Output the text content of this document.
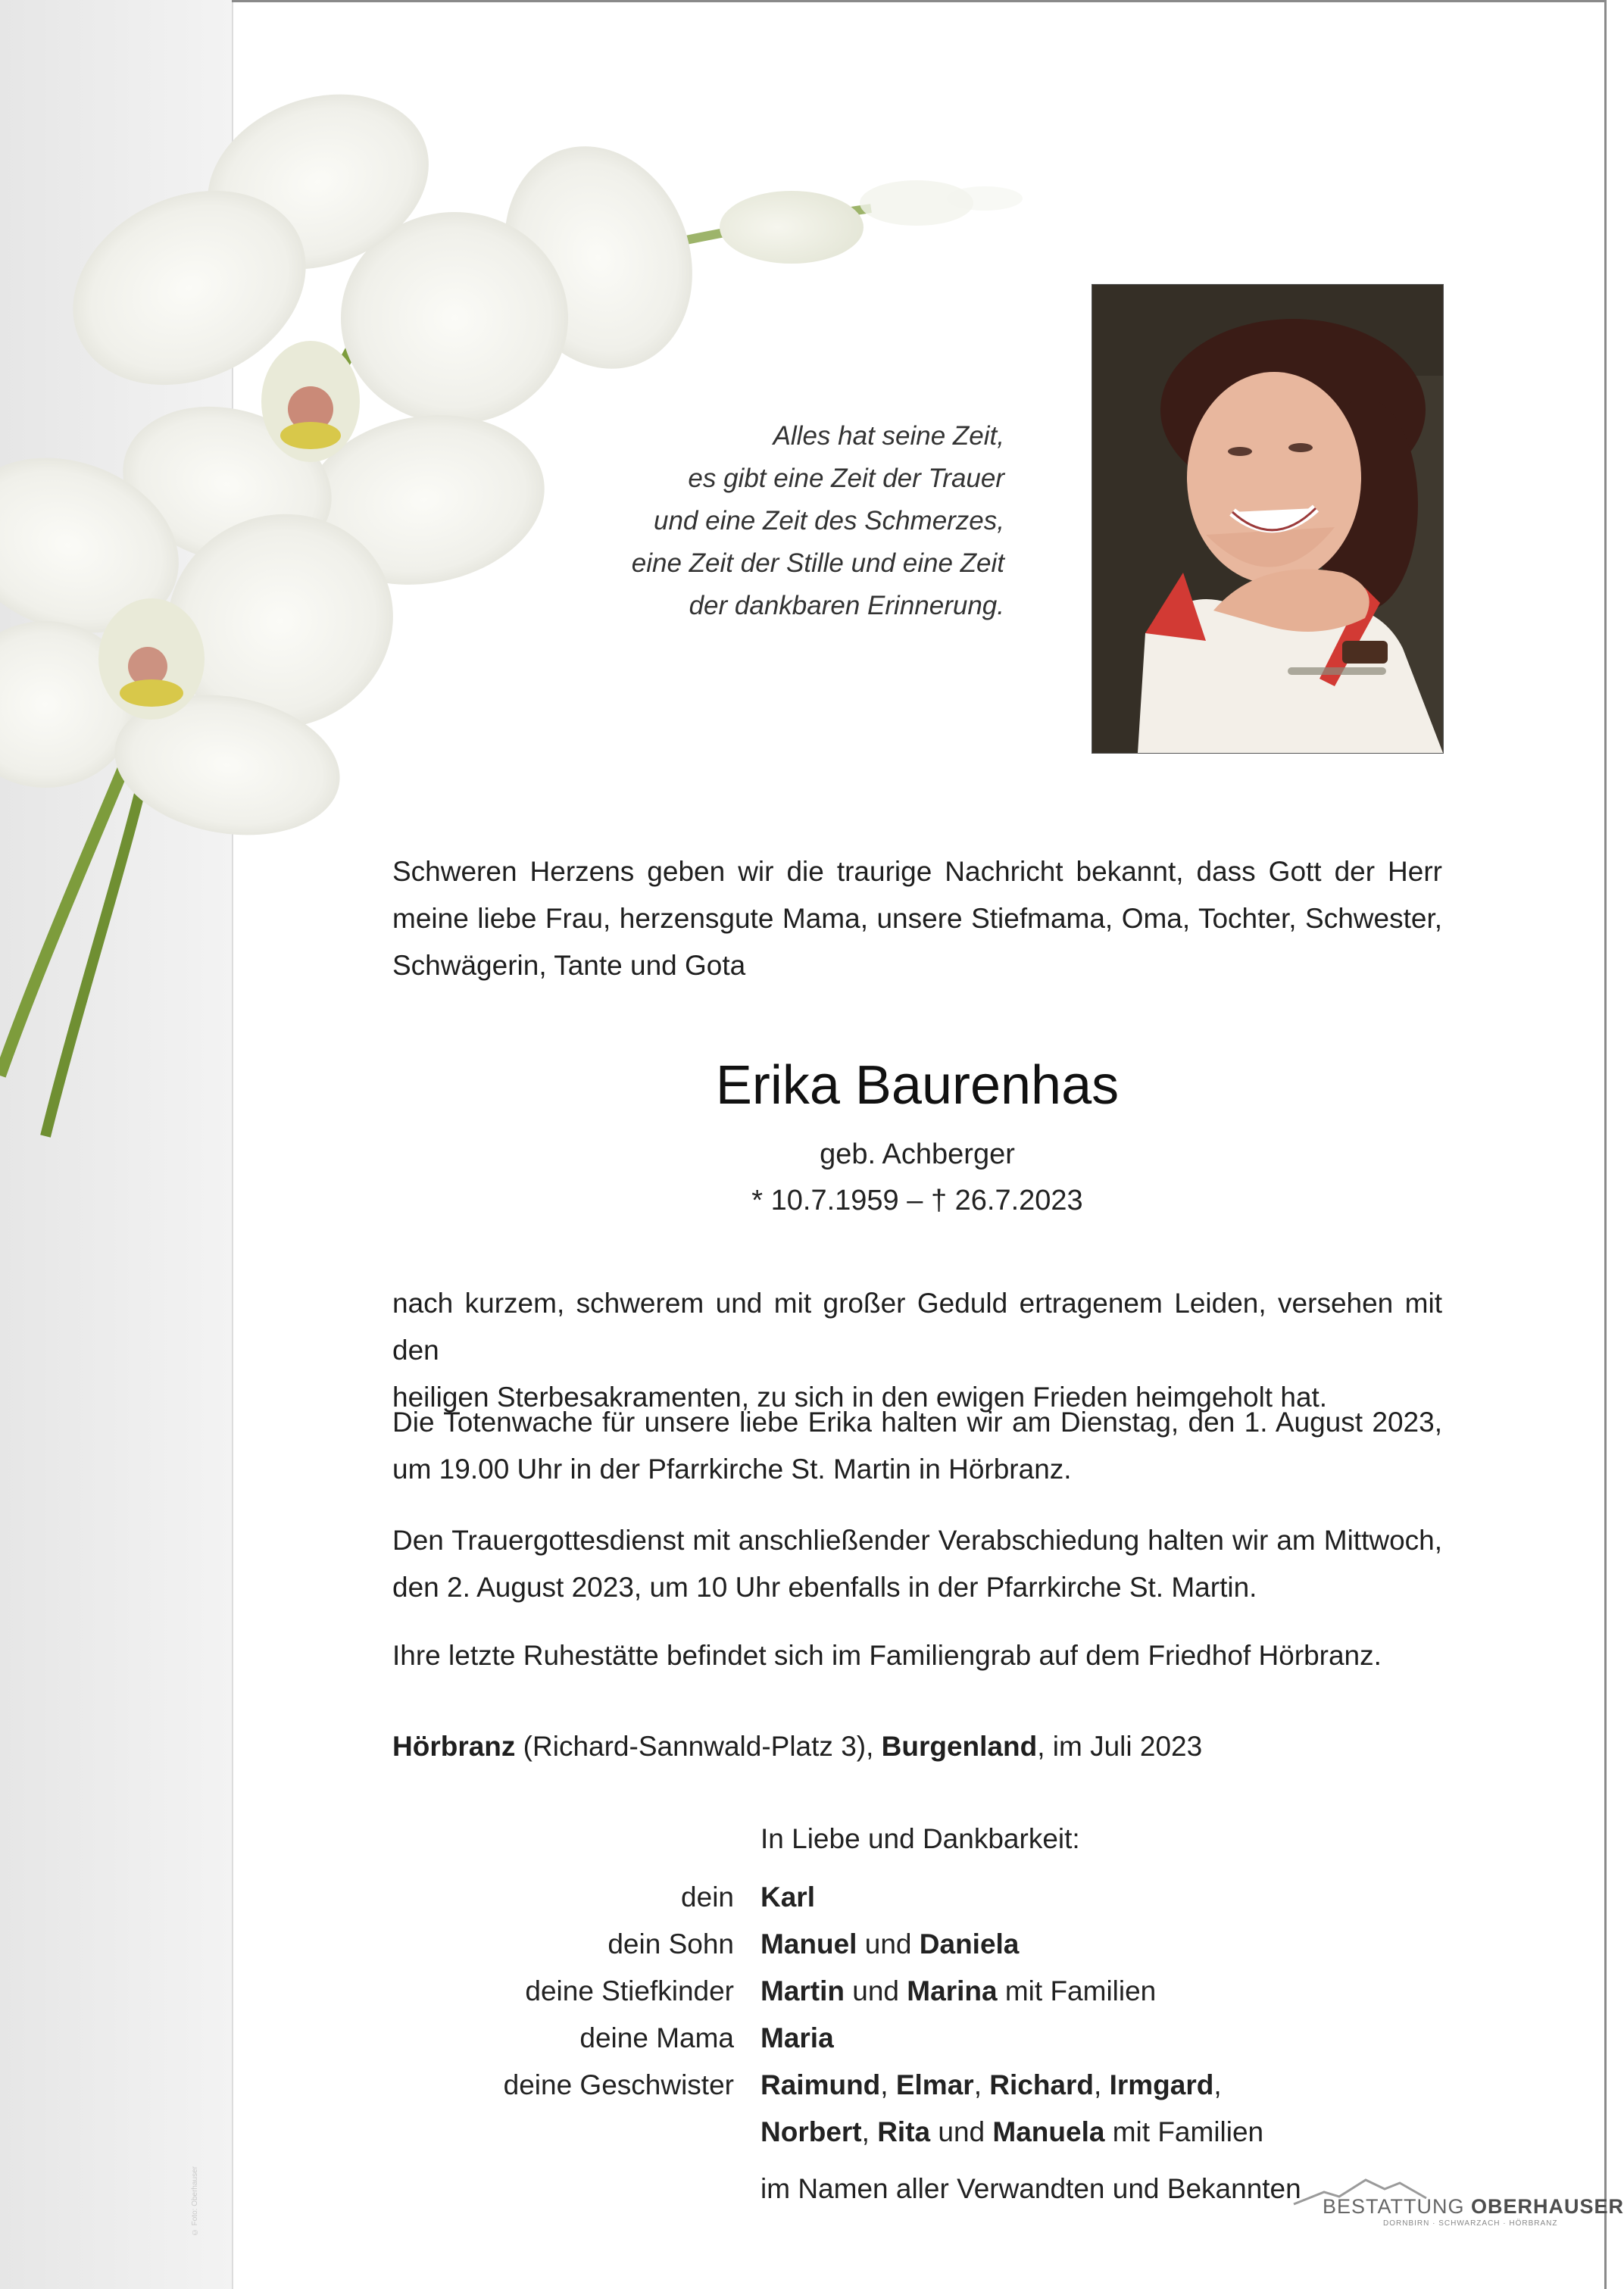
Alles hat seine Zeit,
es gibt eine Zeit der Trauer
und eine Zeit des Schmerzes,
eine Zeit der Stille und eine Zeit
der dankbaren Erinnerung.
Schweren Herzens geben wir die traurige Nachricht bekannt, dass Gott der Herr
meine liebe Frau, herzensgute Mama, unsere Stiefmama, Oma, Tochter, Schwester,
Schwägerin, Tante und Gota
Erika Baurenhas
geb. Achberger
* 10.7.1959 – † 26.7.2023
nach kurzem, schwerem und mit großer Geduld ertragenem Leiden, versehen mit den
heiligen Sterbesakramenten, zu sich in den ewigen Frieden heimgeholt hat.
Die Totenwache für unsere liebe Erika halten wir am Dienstag, den 1. August 2023,
um 19.00 Uhr in der Pfarrkirche St. Martin in Hörbranz.
Den Trauergottesdienst mit anschließender Verabschiedung halten wir am Mittwoch,
den 2. August 2023, um 10 Uhr ebenfalls in der Pfarrkirche St. Martin.
Ihre letzte Ruhestätte befindet sich im Familiengrab auf dem Friedhof Hörbranz.
Hörbranz (Richard-Sannwald-Platz 3), Burgenland, im Juli 2023
In Liebe und Dankbarkeit:
dein Karl
dein Sohn Manuel und Daniela
deine Stiefkinder Martin und Marina mit Familien
deine Mama Maria
deine Geschwister Raimund, Elmar, Richard, Irmgard,
Norbert, Rita und Manuela mit Familien
im Namen aller Verwandten und Bekannten
BESTATTUNG OBERHAUSER
DORNBIRN · SCHWARZACH · HÖRBRANZ
© Foto: Oberhauser
